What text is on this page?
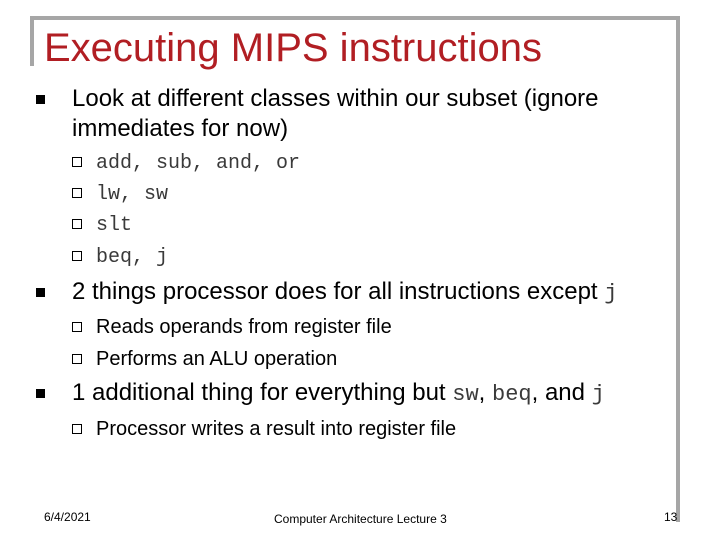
Executing MIPS instructions
Look at different classes within our subset (ignore immediates for now)
add, sub, and, or
lw, sw
slt
beq, j
2 things processor does for all instructions except j
Reads operands from register file
Performs an ALU operation
1 additional thing for everything but sw, beq, and j
Processor writes a result into register file
6/4/2021	Computer Architecture Lecture 3	13
